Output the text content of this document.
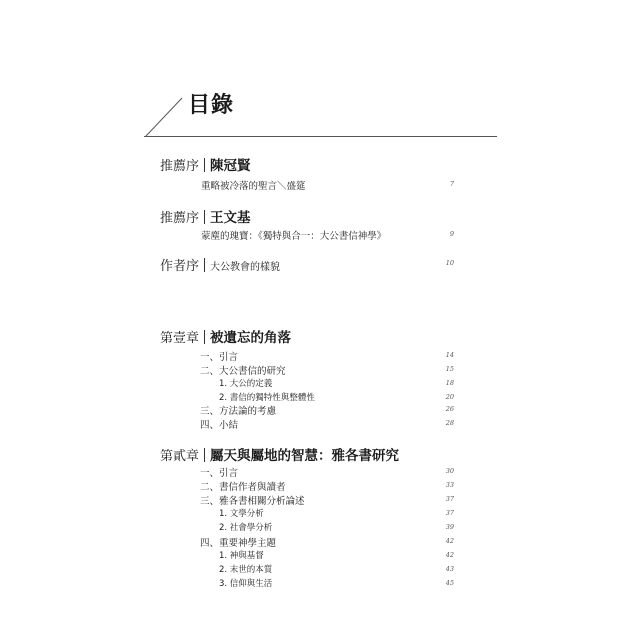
目錄
推薦序 陳冠賢
重略被冷落的聖言＼盛筵	7
推薦序 王文基
蒙塵的瑰寶：《獨特與合一：大公書信神學》	9
作者序 大公教會的樣貌	10
第壹章 被遺忘的角落
一、引言	14
二、大公書信的研究	15
1. 大公的定義	18
2. 書信的獨特性與整體性	20
三、方法論的考慮	26
四、小結	28
第貳章 屬天與屬地的智慧：雅各書研究
一、引言	30
二、書信作者與讀者	33
三、雅各書相關分析論述	37
1. 文學分析	37
2. 社會學分析	39
四、重要神學主題	42
1. 神與基督	42
2. 末世的本質	43
3. 信仰與生活	45
